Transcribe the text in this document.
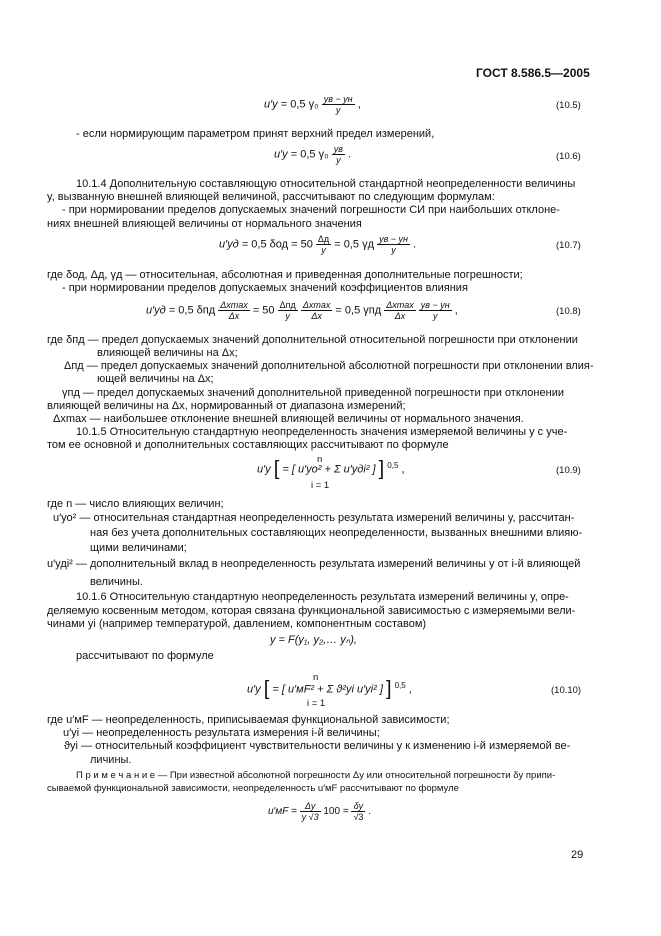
ГОСТ 8.586.5—2005
u′у = 0,5 $\gamma_0 \frac{yв - yн}{y}$ ,	(10.5)
- если нормирующим параметром принят верхний предел измерений,
u′у = 0,5 $\gamma_0 \frac{yв}{y}$ .	(10.6)
10.1.4 Дополнительную составляющую относительной стандартной неопределенности величины
y, вызванную внешней влияющей величиной, рассчитывают по следующим формулам:
- при нормировании пределов допускаемых значений погрешности СИ при наибольших отклоне-
ниях внешней влияющей величины от нормального значения
u′уд = 0,5 $\delta од = 50 \frac{\Delta д}{y} = 0,5$ γд $\frac{yв - yн}{y}$ .	(10.7)
где δод, Δд, γд — относительная, абсолютная и приведенная дополнительные погрешности;
- при нормировании пределов допускаемых значений коэффициентов влияния
u′уд = 0,5 δпд $\frac{\Delta xmax}{\Delta x} = 50 \frac{\text{Δпд}}{y}$
$\frac{\Delta xmax}{\Delta x} = 0,5$ γпд $\frac{\Delta xmax}{\Delta x}$
$\frac{yв - yн}{y}$ ,	(10.8)
где δпд — предел допускаемых значений дополнительной относительной погрешности при отклонении
влияющей величины на Δx;
Δпд — предел допускаемых значений дополнительной абсолютной погрешности при отклонении влия-
ющей величины на Δx;
γпд — предел допускаемых значений дополнительной приведенной погрешности при отклонении
влияющей величины на Δx, нормированный от диапазона измерений;
Δxmax — наибольшее отклонение внешней влияющей величины от нормального значения.
10.1.5 Относительную стандартную неопределенность значения измеряемой величины y с уче-
том ее основной и дополнительных составляющих рассчитывают по формуле
u′у [ = [ u′уо² + Σ u′удi² ] ] $^{0,5}$ ,
n
i = 1
(10.9)
где n — число влияющих величин;
u′уо² — относительная стандартная неопределенность результата измерений величины y, рассчитан-
ная без учета дополнительных составляющих неопределенности, вызванных внешними влияю-
щими величинами;
u′удi² — дополнительный вклад в неопределенность результата измерений величины y от i-й влияющей
величины.
10.1.6 Относительную стандартную неопределенность результата измерений величины y, опре-
деляемую косвенным методом, которая связана функциональной зависимостью с измеряемыми вели-
чинами yi (например температурой, давлением, компонентным составом)
y = F(y₁, y₂,… yₙ),
рассчитывают по формуле
u′у [ = [ u′мF² + Σ ϑ²yi u′yi² ] ] $^{0,5}$ ,
n
i = 1
(10.10)
где u′мF — неопределенность, приписываемая функциональной зависимости;
u′yi — неопределенность результата измерения i-й величины;
ϑyi — относительный коэффициент чувствительности величины y к изменению i-й измеряемой ве-
личины.
П р и м е ч а н и е — При известной абсолютной погрешности Δy или относительной погрешности δy припи-
сываемой функциональной зависимости, неопределенность u′мF рассчитывают по формуле
$u'мF = \frac{\Delta y}{y √3} 100 = \frac{\delta y}{√3}$ .
29
